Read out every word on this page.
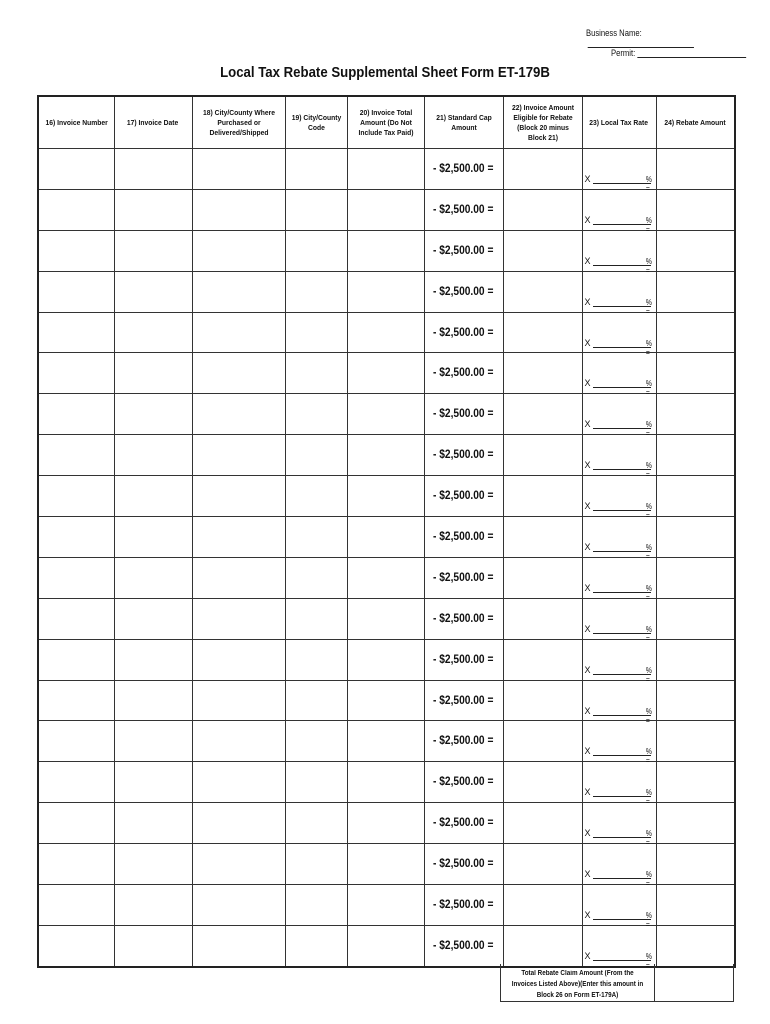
Business Name:
Permit:
Local Tax Rebate Supplemental Sheet Form ET-179B
16) Invoice Number	17) Invoice Date	18) City/County Where Purchased or Delivered/Shipped	19) City/County Code	20) Invoice Total Amount (Do Not Include Tax Paid)	21) Standard Cap Amount	22) Invoice Amount Eligible for Rebate (Block 20 minus Block 21)	23) Local Tax Rate	24) Rebate Amount

					- $2,500.00 =		X % =	

					- $2,500.00 =		X % =	

					- $2,500.00 =		X % =	

					- $2,500.00 =		X % =	

					- $2,500.00 =		X % =	

					- $2,500.00 =		X % =	

					- $2,500.00 =		X % =	

					- $2,500.00 =		X % =	

					- $2,500.00 =		X % =	

					- $2,500.00 =		X % =	

					- $2,500.00 =		X % =	

					- $2,500.00 =		X % =	

					- $2,500.00 =		X % =	

					- $2,500.00 =		X % =	

					- $2,500.00 =		X % =	

					- $2,500.00 =		X % =	

					- $2,500.00 =		X % =	

					- $2,500.00 =		X % =	

					- $2,500.00 =		X % =	

					- $2,500.00 =		X % =	

Total Rebate Claim Amount (From the Invoices Listed Above)(Enter this amount in Block 26 on Form ET-179A)
